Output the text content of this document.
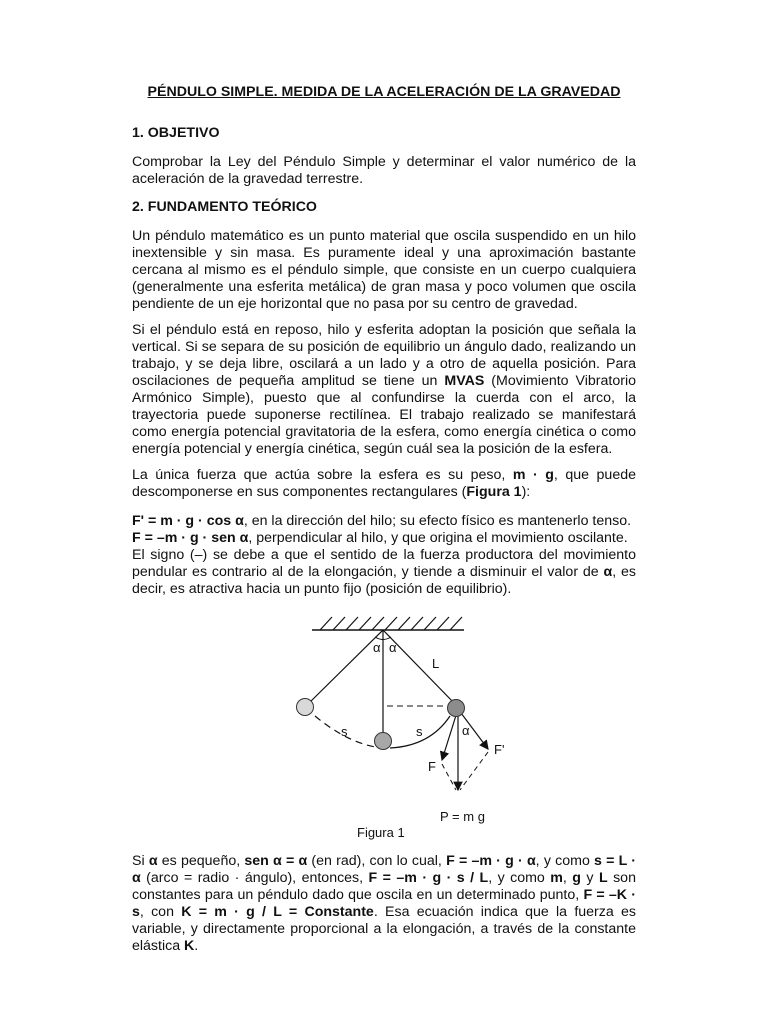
PÉNDULO SIMPLE. MEDIDA DE LA ACELERACIÓN DE LA GRAVEDAD
1. OBJETIVO
Comprobar la Ley del Péndulo Simple y determinar el valor numérico de la aceleración de la gravedad terrestre.
2. FUNDAMENTO TEÓRICO
Un péndulo matemático es un punto material que oscila suspendido en un hilo inextensible y sin masa. Es puramente ideal y una aproximación bastante cercana al mismo es el péndulo simple, que consiste en un cuerpo cualquiera (generalmente una esferita metálica) de gran masa y poco volumen que oscila pendiente de un eje horizontal que no pasa por su centro de gravedad.
Si el péndulo está en reposo, hilo y esferita adoptan la posición que señala la vertical. Si se separa de su posición de equilibrio un ángulo dado, realizando un trabajo, y se deja libre, oscilará a un lado y a otro de aquella posición. Para oscilaciones de pequeña amplitud se tiene un MVAS (Movimiento Vibratorio Armónico Simple), puesto que al confundirse la cuerda con el arco, la trayectoria puede suponerse rectilínea. El trabajo realizado se manifestará como energía potencial gravitatoria de la esfera, como energía cinética o como energía potencial y energía cinética, según cuál sea la posición de la esfera.
La única fuerza que actúa sobre la esfera es su peso, m · g, que puede descomponerse en sus componentes rectangulares (Figura 1):
F' = m · g · cos α, en la dirección del hilo; su efecto físico es mantenerlo tenso.
F = –m · g · sen α, perpendicular al hilo, y que origina el movimiento oscilante.
El signo (–) se debe a que el sentido de la fuerza productora del movimiento pendular es contrario al de la elongación, y tiende a disminuir el valor de α, es decir, es atractiva hacia un punto fijo (posición de equilibrio).
α α
L
s	s	α
F'
F
P = m g
Figura 1
Si α es pequeño, sen α = α (en rad), con lo cual, F = –m · g · α, y como s = L · α (arco = radio · ángulo), entonces, F = –m · g · s / L, y como m, g y L son constantes para un péndulo dado que oscila en un determinado punto, F = –K · s, con K = m · g / L = Constante. Esa ecuación indica que la fuerza es variable, y directamente proporcional a la elongación, a través de la constante elástica K.
